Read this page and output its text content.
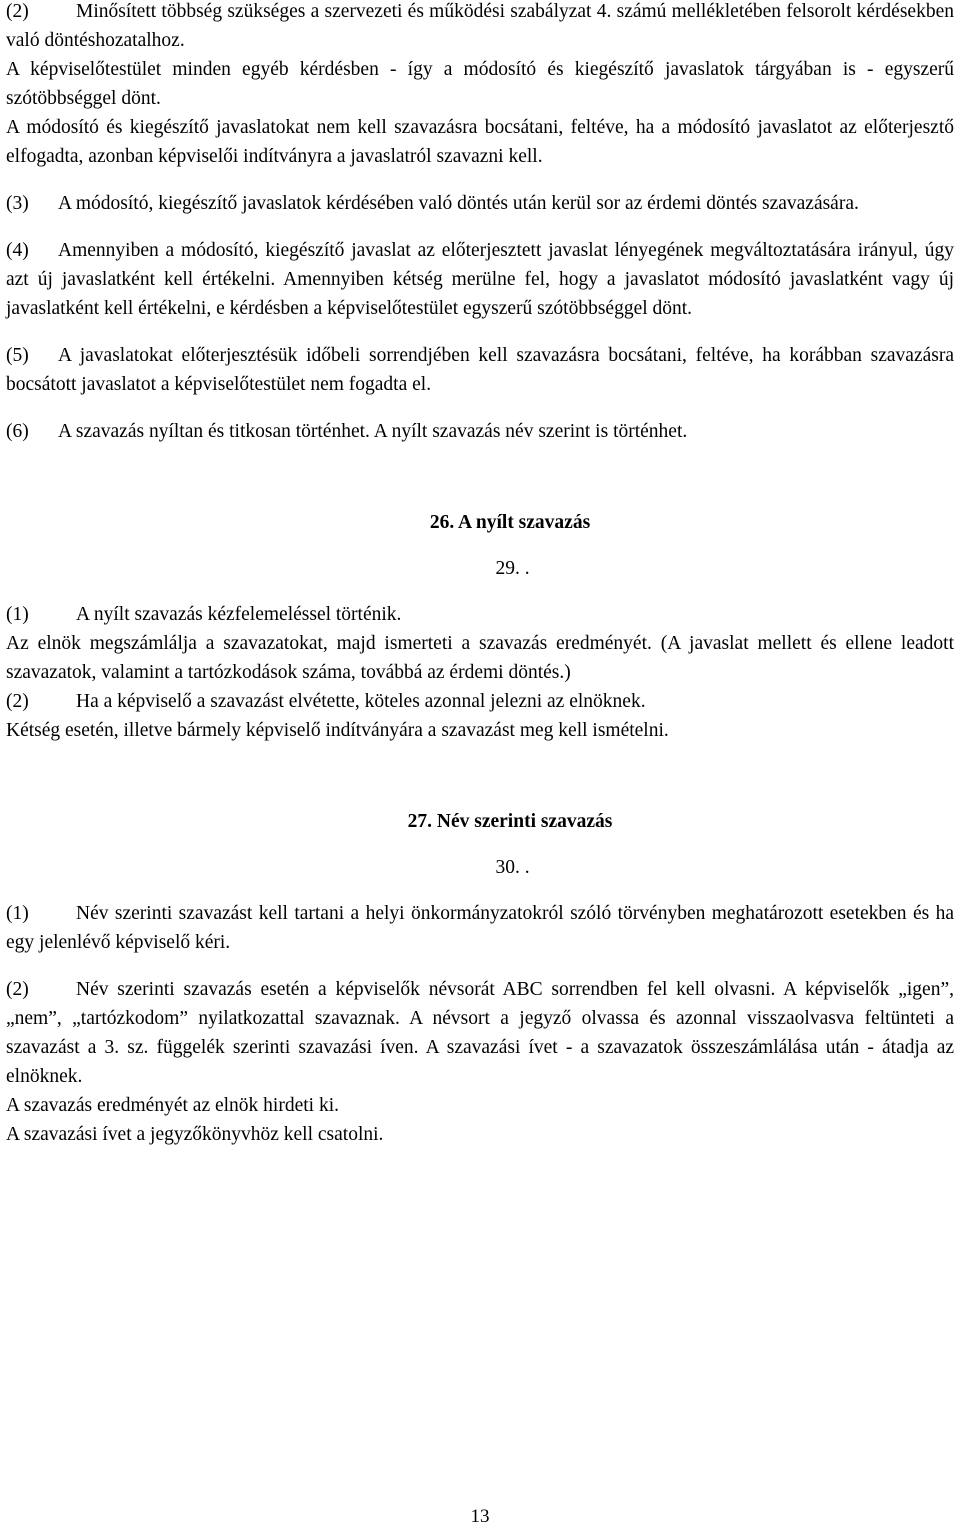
(2) Minősített többség szükséges a szervezeti és működési szabályzat 4. számú mellékletében felsorolt kérdésekben való döntéshozatalhoz.

A képviselőtestület minden egyéb kérdésben - így a módosító és kiegészítő javaslatok tárgyában is - egyszerű szótöbbséggel dönt.

A módosító és kiegészítő javaslatokat nem kell szavazásra bocsátani, feltéve, ha a módosító javaslatot az előterjesztő elfogadta, azonban képviselői indítványra a javaslatról szavazni kell.

(3) A módosító, kiegészítő javaslatok kérdésében való döntés után kerül sor az érdemi döntés szavazására.

(4) Amennyiben a módosító, kiegészítő javaslat az előterjesztett javaslat lényegének megváltoztatására irányul, úgy azt új javaslatként kell értékelni. Amennyiben kétség merülne fel, hogy a javaslatot módosító javaslatként vagy új javaslatként kell értékelni, e kérdésben a képviselőtestület egyszerű szótöbbséggel dönt.

(5) A javaslatokat előterjesztésük időbeli sorrendjében kell szavazásra bocsátani, feltéve, ha korábban szavazásra bocsátott javaslatot a képviselőtestület nem fogadta el.

(6) A szavazás nyíltan és titkosan történhet. A nyílt szavazás név szerint is történhet.

26. A nyílt szavazás

29. .

(1) A nyílt szavazás kézfelemeléssel történik.

Az elnök megszámlálja a szavazatokat, majd ismerteti a szavazás eredményét. (A javaslat mellett és ellene leadott szavazatok, valamint a tartózkodások száma, továbbá az érdemi döntés.)

(2) Ha a képviselő a szavazást elvétette, köteles azonnal jelezni az elnöknek.

Kétség esetén, illetve bármely képviselő indítványára a szavazást meg kell ismételni.

27. Név szerinti szavazás

30. .

(1) Név szerinti szavazást kell tartani a helyi önkormányzatokról szóló törvényben meghatározott esetekben és ha egy jelenlévő képviselő kéri.

(2) Név szerinti szavazás esetén a képviselők névsorát ABC sorrendben fel kell olvasni. A képviselők „igen”, „nem”, „tartózkodom” nyilatkozattal szavaznak. A névsort a jegyző olvassa és azonnal visszaolvasva feltünteti a szavazást a 3. sz. függelék szerinti szavazási íven. A szavazási ívet - a szavazatok összeszámlálása után - átadja az elnöknek.

A szavazás eredményét az elnök hirdeti ki.

A szavazási ívet a jegyzőkönyvhöz kell csatolni.

13
